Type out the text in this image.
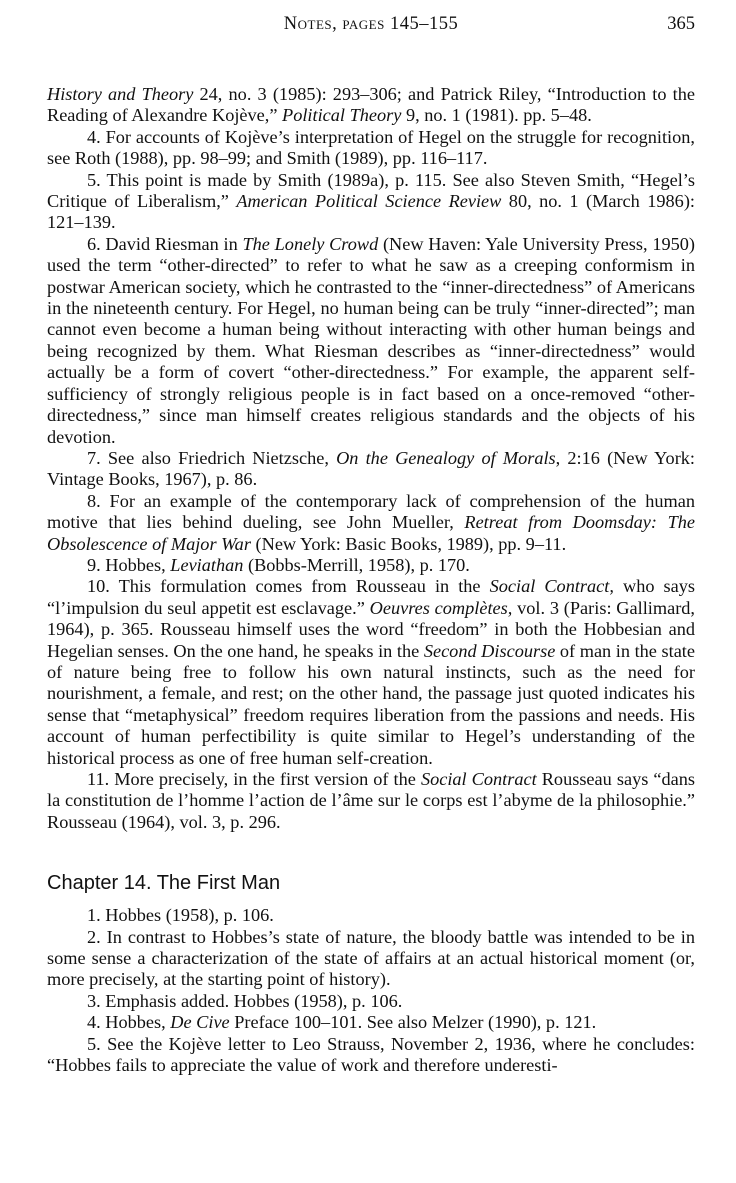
Notes, pages 145–155	365

History and Theory 24, no. 3 (1985): 293–306; and Patrick Riley, “Introduction to the Reading of Alexandre Kojève,” Political Theory 9, no. 1 (1981). pp. 5–48.

4. For accounts of Kojève’s interpretation of Hegel on the struggle for recognition, see Roth (1988), pp. 98–99; and Smith (1989), pp. 116–117.

5. This point is made by Smith (1989a), p. 115. See also Steven Smith, “Hegel’s Critique of Liberalism,” American Political Science Review 80, no. 1 (March 1986): 121–139.

6. David Riesman in The Lonely Crowd (New Haven: Yale University Press, 1950) used the term “other-directed” to refer to what he saw as a creeping conformism in postwar American society, which he contrasted to the “inner-directedness” of Americans in the nineteenth century. For Hegel, no human being can be truly “inner-directed”; man cannot even become a human being without interacting with other human beings and being recognized by them. What Riesman describes as “inner-directedness” would actually be a form of covert “other-directedness.” For example, the apparent self-sufficiency of strongly religious people is in fact based on a once-removed “other-directedness,” since man himself creates religious standards and the objects of his devotion.

7. See also Friedrich Nietzsche, On the Genealogy of Morals, 2:16 (New York: Vintage Books, 1967), p. 86.

8. For an example of the contemporary lack of comprehension of the human motive that lies behind dueling, see John Mueller, Retreat from Doomsday: The Obsolescence of Major War (New York: Basic Books, 1989), pp. 9–11.

9. Hobbes, Leviathan (Bobbs-Merrill, 1958), p. 170.

10. This formulation comes from Rousseau in the Social Contract, who says “l’impulsion du seul appetit est esclavage.” Oeuvres complètes, vol. 3 (Paris: Gallimard, 1964), p. 365. Rousseau himself uses the word “freedom” in both the Hobbesian and Hegelian senses. On the one hand, he speaks in the Second Discourse of man in the state of nature being free to follow his own natural instincts, such as the need for nourishment, a female, and rest; on the other hand, the passage just quoted indicates his sense that “metaphysical” freedom requires liberation from the passions and needs. His account of human perfectibility is quite similar to Hegel’s understanding of the historical process as one of free human self-creation.

11. More precisely, in the first version of the Social Contract Rousseau says “dans la constitution de l’homme l’action de l’âme sur le corps est l’abyme de la philosophie.” Rousseau (1964), vol. 3, p. 296.

Chapter 14. The First Man

1. Hobbes (1958), p. 106.

2. In contrast to Hobbes’s state of nature, the bloody battle was intended to be in some sense a characterization of the state of affairs at an actual historical moment (or, more precisely, at the starting point of history).

3. Emphasis added. Hobbes (1958), p. 106.

4. Hobbes, De Cive Preface 100–101. See also Melzer (1990), p. 121.

5. See the Kojève letter to Leo Strauss, November 2, 1936, where he concludes: “Hobbes fails to appreciate the value of work and therefore underesti-
